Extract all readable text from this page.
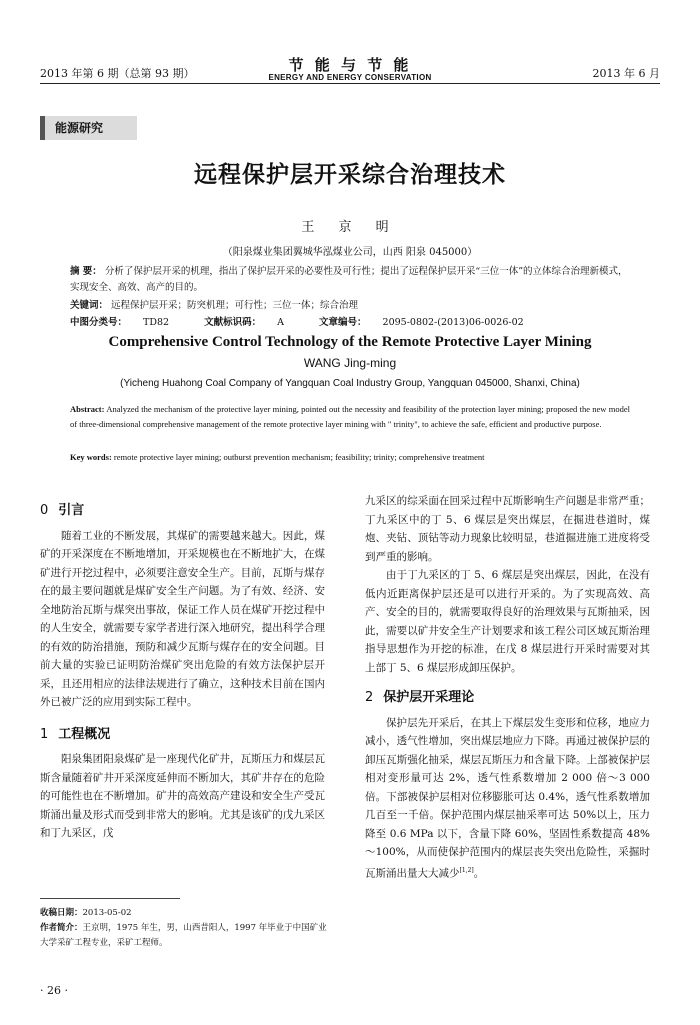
2013 年第 6 期（总第 93 期）	节 能 与 节 能
ENERGY AND ENERGY CONSERVATION	2013 年 6 月
能源研究
远程保护层开采综合治理技术
王 京 明
（阳泉煤业集团翼城华泓煤业公司，山西 阳泉 045000）
摘 要： 分析了保护层开采的机理，指出了保护层开采的必要性及可行性；提出了远程保护层开采“三位一体”的立体综合治理新模式，实现安全、高效、高产的目的。
关键词： 远程保护层开采；防突机理；可行性；三位一体；综合治理
中图分类号： TD82	文献标识码： A	文章编号： 2095-0802-(2013)06-0026-02
Comprehensive Control Technology of the Remote Protective Layer Mining
WANG Jing-ming
(Yicheng Huahong Coal Company of Yangquan Coal Industry Group, Yangquan 045000, Shanxi, China)
Abstract: Analyzed the mechanism of the protective layer mining, pointed out the necessity and feasibility of the protection layer mining; proposed the new model of three-dimensional comprehensive management of the remote protective layer mining with " trinity", to achieve the safe, efficient and productive purpose.
Key words: remote protective layer mining; outburst prevention mechanism; feasibility; trinity; comprehensive treatment
0 引言

随着工业的不断发展，其煤矿的需要越来越大。因此，煤矿的开采深度在不断地增加，开采规模也在不断地扩大，在煤矿进行开挖过程中，必须要注意安全生产。目前，瓦斯与煤存在的最主要问题就是煤矿安全生产问题。为了有效、经济、安全地防治瓦斯与煤突出事故，保证工作人员在煤矿开挖过程中的人生安全，就需要专家学者进行深入地研究，提出科学合理的有效的防治措施，预防和减少瓦斯与煤存在的安全问题。目前大量的实验已证明防治煤矿突出危险的有效方法保护层开采，且还用相应的法律法规进行了确立，这种技术目前在国内外已被广泛的应用到实际工程中。

1 工程概况

阳泉集团阳泉煤矿是一座现代化矿井，瓦斯压力和煤层瓦斯含量随着矿井开采深度延伸而不断加大，其矿井存在的危险的可能性也在不断增加。矿井的高效高产建设和安全生产受瓦斯涌出量及形式而受到非常大的影响。尤其是该矿的戊九采区和丁九采区，戊

九采区的综采面在回采过程中瓦斯影响生产问题是非常严重；丁九采区中的丁 5、6 煤层是突出煤层，在掘进巷道时，煤炮、夹钻、顶钻等动力现象比较明显，巷道掘进施工进度将受到严重的影响。

由于丁九采区的丁 5、6 煤层是突出煤层，因此，在没有低内近距离保护层还是可以进行开采的。为了实现高效、高产、安全的目的，就需要取得良好的治理效果与瓦斯抽采，因此，需要以矿井安全生产计划要求和该工程公司区域瓦斯治理指导思想作为开挖的标准，在戊 8 煤层进行开采时需要对其上部丁 5、6 煤层形成卸压保护。

2 保护层开采理论

保护层先开采后，在其上下煤层发生变形和位移，地应力减小，透气性增加，突出煤层地应力下降。再通过被保护层的卸压瓦斯强化抽采，煤层瓦斯压力和含量下降。上部被保护层相对变形量可达 2%，透气性系数增加 2 000 倍～3 000 倍。下部被保护层相对位移膨胀可达 0.4%，透气性系数增加几百至一千倍。保护范围内煤层抽采率可达 50%以上，压力降至 0.6 MPa 以下，含量下降 60%，坚固性系数提高 48%～100%，从而使保护范围内的煤层丧失突出危险性，采掘时瓦斯涌出量大大减少[1,2]。

收稿日期：2013-05-02
作者简介：王京明，1975 年生，男，山西昔阳人，1997 年毕业于中国矿业大学采矿工程专业，采矿工程师。
· 26 ·
